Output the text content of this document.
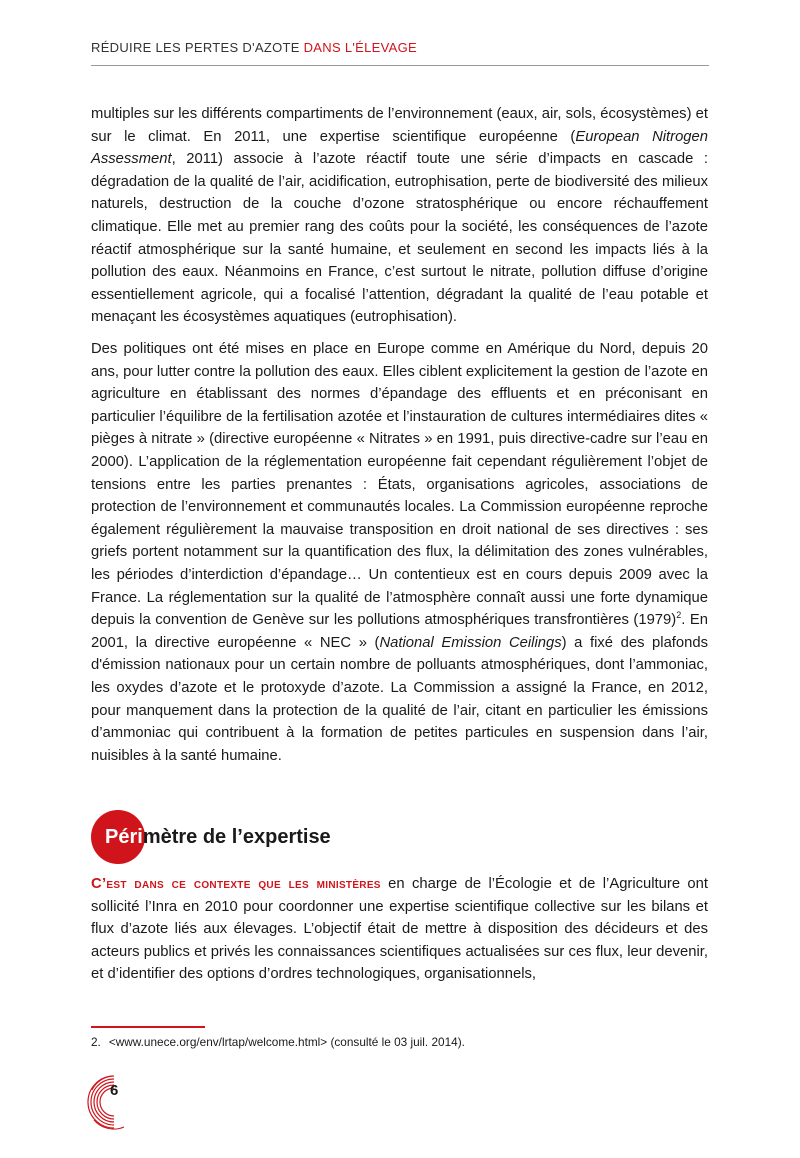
RÉDUIRE LES PERTES D'AZOTE DANS L'ÉLEVAGE

multiples sur les différents compartiments de l’environnement (eaux, air, sols, écosystèmes) et sur le climat. En 2011, une expertise scientifique européenne (European Nitrogen Assessment, 2011) associe à l’azote réactif toute une série d’impacts en cascade : dégradation de la qualité de l’air, acidification, eutrophisation, perte de biodiversité des milieux naturels, destruction de la couche d’ozone stratosphérique ou encore réchauffement climatique. Elle met au premier rang des coûts pour la société, les conséquences de l’azote réactif atmosphérique sur la santé humaine, et seulement en second les impacts liés à la pollution des eaux. Néanmoins en France, c’est surtout le nitrate, pollution diffuse d’origine essentiellement agricole, qui a focalisé l’attention, dégradant la qualité de l’eau potable et menaçant les écosystèmes aquatiques (eutrophisation).

Des politiques ont été mises en place en Europe comme en Amérique du Nord, depuis 20 ans, pour lutter contre la pollution des eaux. Elles ciblent explicitement la gestion de l’azote en agriculture en établissant des normes d’épandage des effluents et en préconisant en particulier l’équilibre de la fertilisation azotée et l’instauration de cultures intermédiaires dites « pièges à nitrate » (directive européenne « Nitrates » en 1991, puis directive-cadre sur l’eau en 2000). L’application de la réglementation européenne fait cependant régulièrement l’objet de tensions entre les parties prenantes : États, organisations agricoles, associations de protection de l’environnement et communautés locales. La Commission européenne reproche également régulièrement la mauvaise transposition en droit national de ses directives : ses griefs portent notamment sur la quantification des flux, la délimitation des zones vulnérables, les périodes d’interdiction d’épandage… Un contentieux est en cours depuis 2009 avec la France. La réglementation sur la qualité de l’atmosphère connaît aussi une forte dynamique depuis la convention de Genève sur les pollutions atmosphériques transfrontières $(1979)^2$. En 2001, la directive européenne « NEC » (National Emission Ceilings) a fixé des plafonds d'émission nationaux pour un certain nombre de polluants atmosphériques, dont l’ammoniac, les oxydes d’azote et le protoxyde d’azote. La Commission a assigné la France, en 2012, pour manquement dans la protection de la qualité de l’air, citant en particulier les émissions d’ammoniac qui contribuent à la formation de petites particules en suspension dans l’air, nuisibles à la santé humaine.

Périmètre de l’expertise

C’est dans ce contexte que les ministères en charge de l’Écologie et de l’Agriculture ont sollicité l’Inra en 2010 pour coordonner une expertise scientifique collective sur les bilans et flux d’azote liés aux élevages. L’objectif était de mettre à disposition des décideurs et des acteurs publics et privés les connaissances scientifiques actualisées sur ces flux, leur devenir, et d’identifier des options d’ordres technologiques, organisationnels,

2. <www.unece.org/env/lrtap/welcome.html> (consulté le 03 juil. 2014).
6
